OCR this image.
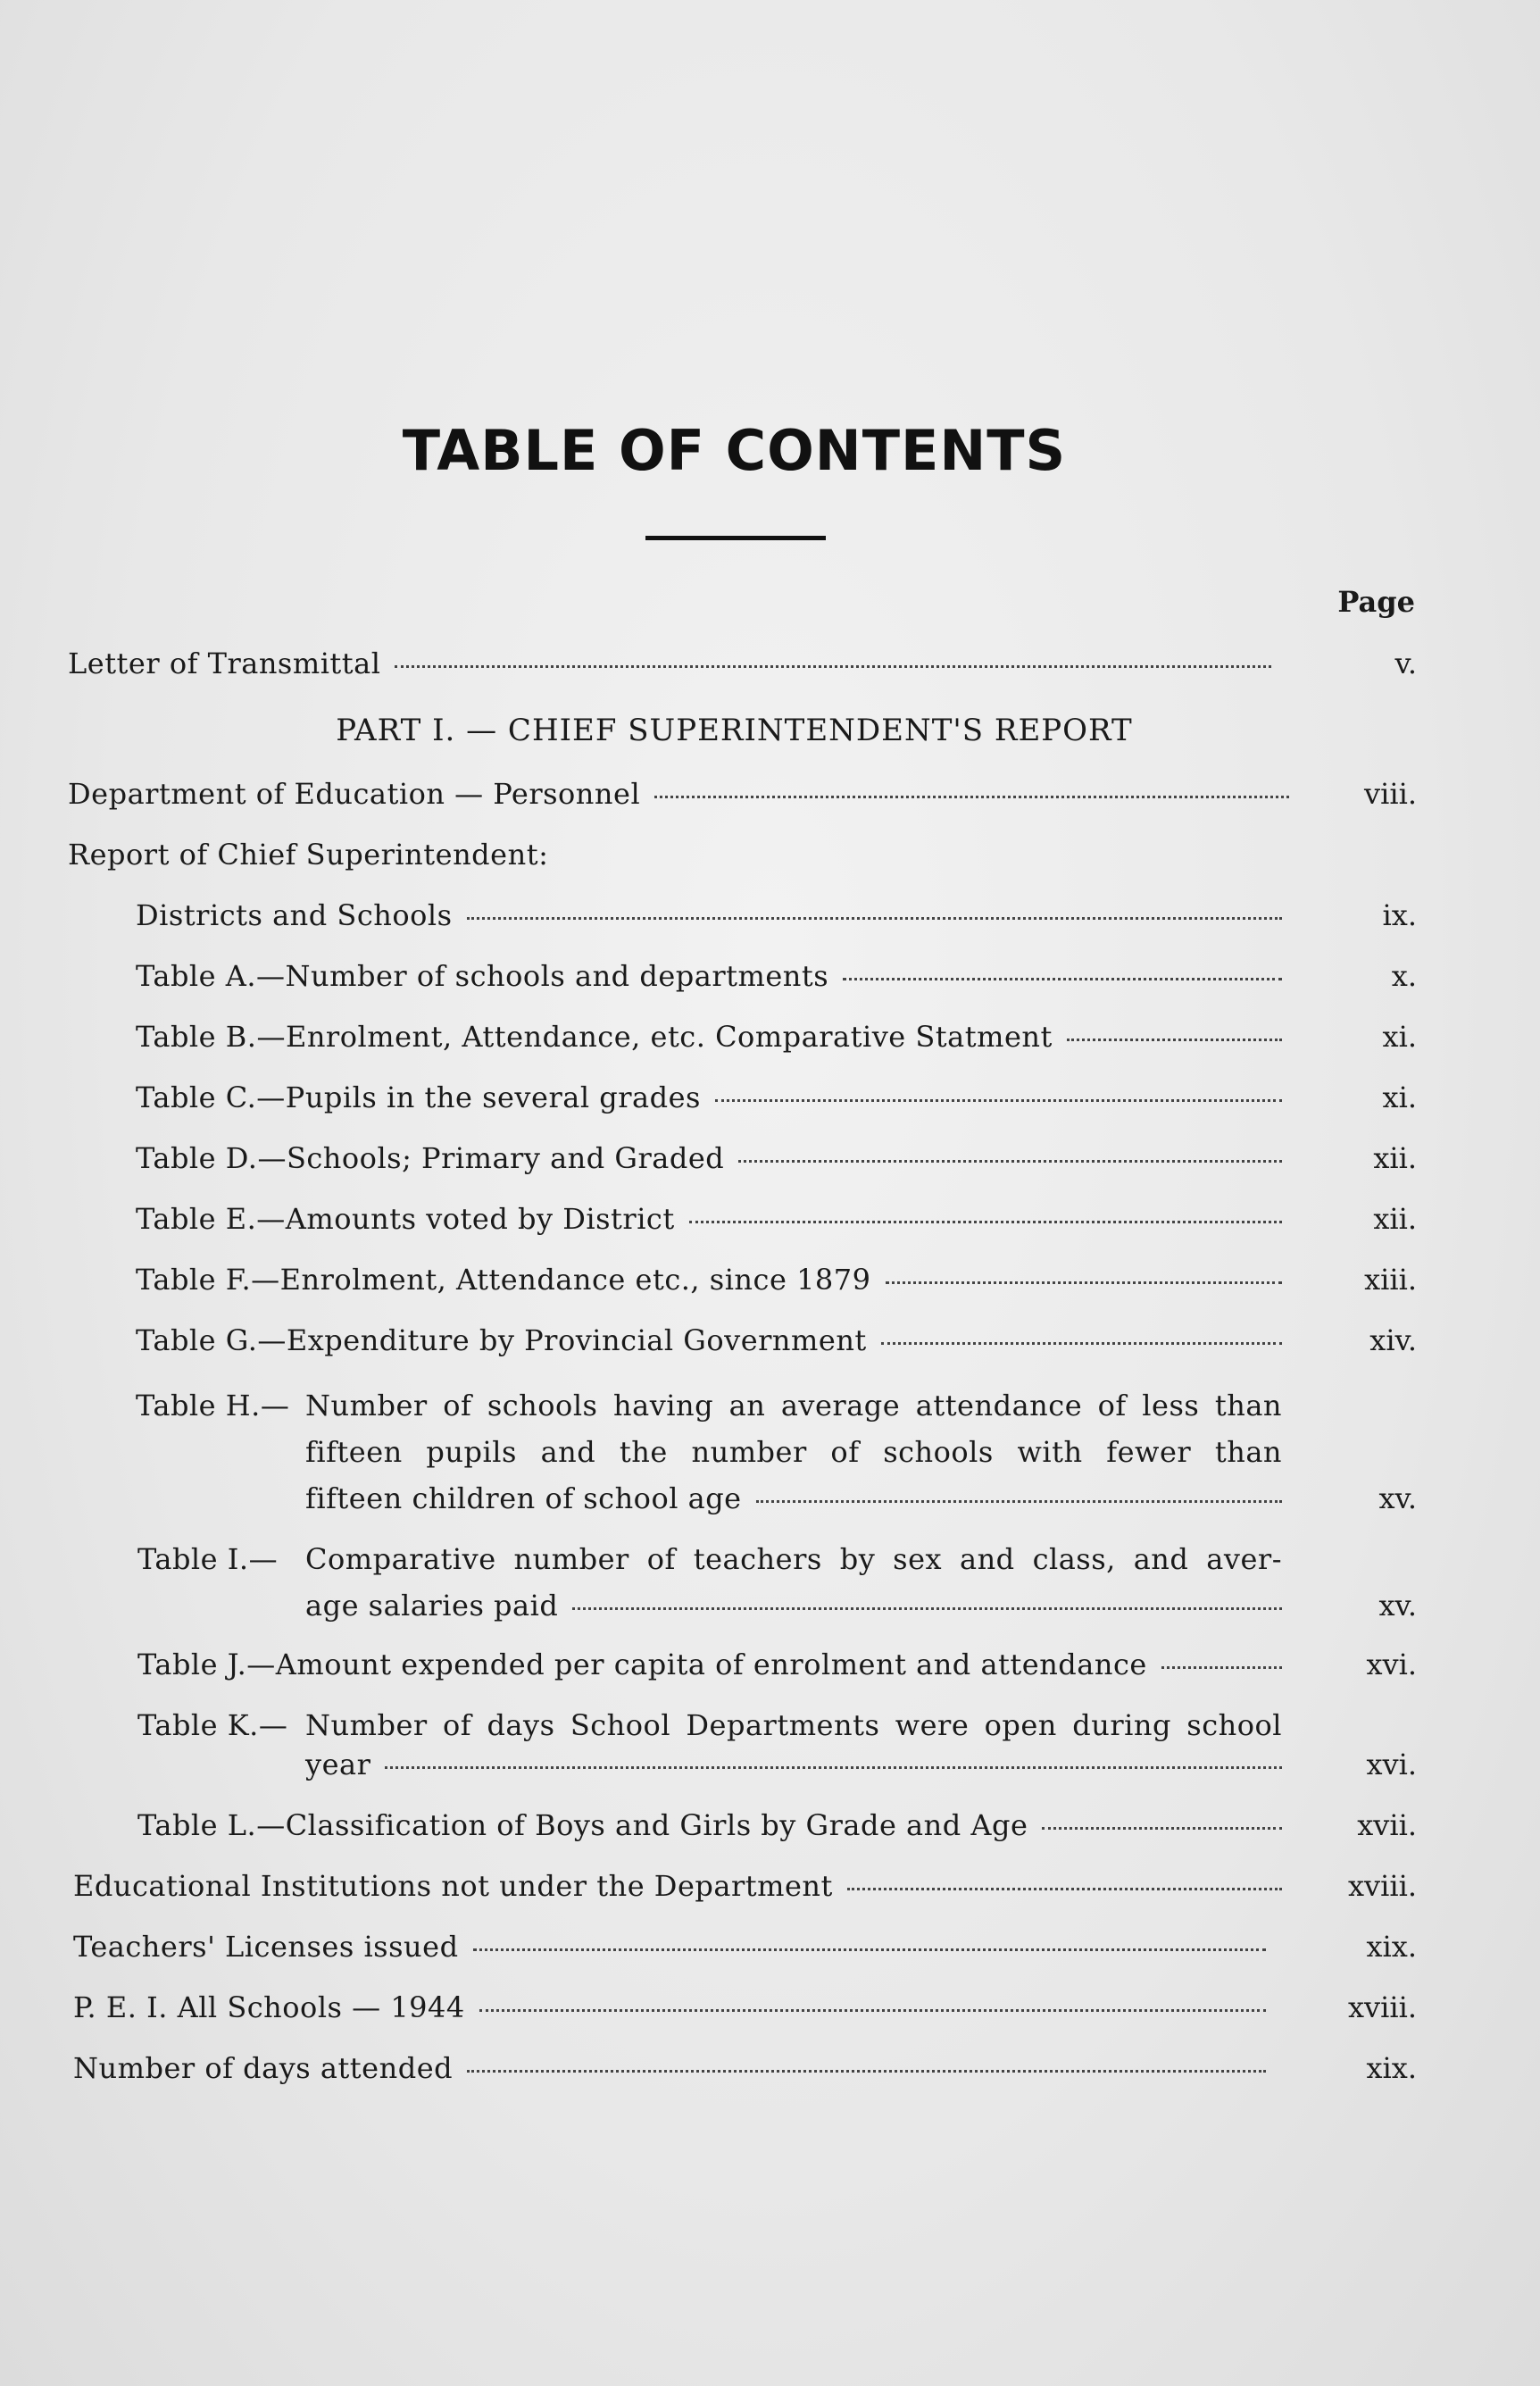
TABLE OF CONTENTS
Page
Letter of Transmittal	v.
PART I. — CHIEF SUPERINTENDENT'S REPORT
Department of Education — Personnel	viii.
Report of Chief Superintendent:
Districts and Schools	ix.
Table A.—Number of schools and departments	x.
Table B.—Enrolment, Attendance, etc. Comparative Statment	xi.
Table C.—Pupils in the several grades	xi.
Table D.—Schools; Primary and Graded	xii.
Table E.—Amounts voted by District	xii.
Table F.—Enrolment, Attendance etc., since 1879	xiii.
Table G.—Expenditure by Provincial Government	xiv.
Table H.— Number of schools having an average attendance of less than
fifteen pupils and the number of schools with fewer than
fifteen children of school age	xv.
Table I.— Comparative number of teachers by sex and class, and aver-
age salaries paid	xv.
Table J.—Amount expended per capita of enrolment and attendance	xvi.
Table K.— Number of days School Departments were open during school
year	xvi.
Table L.—Classification of Boys and Girls by Grade and Age	xvii.
Educational Institutions not under the Department	xviii.
Teachers' Licenses issued	xix.
P. E. I. All Schools — 1944	xviii.
Number of days attended	xix.
